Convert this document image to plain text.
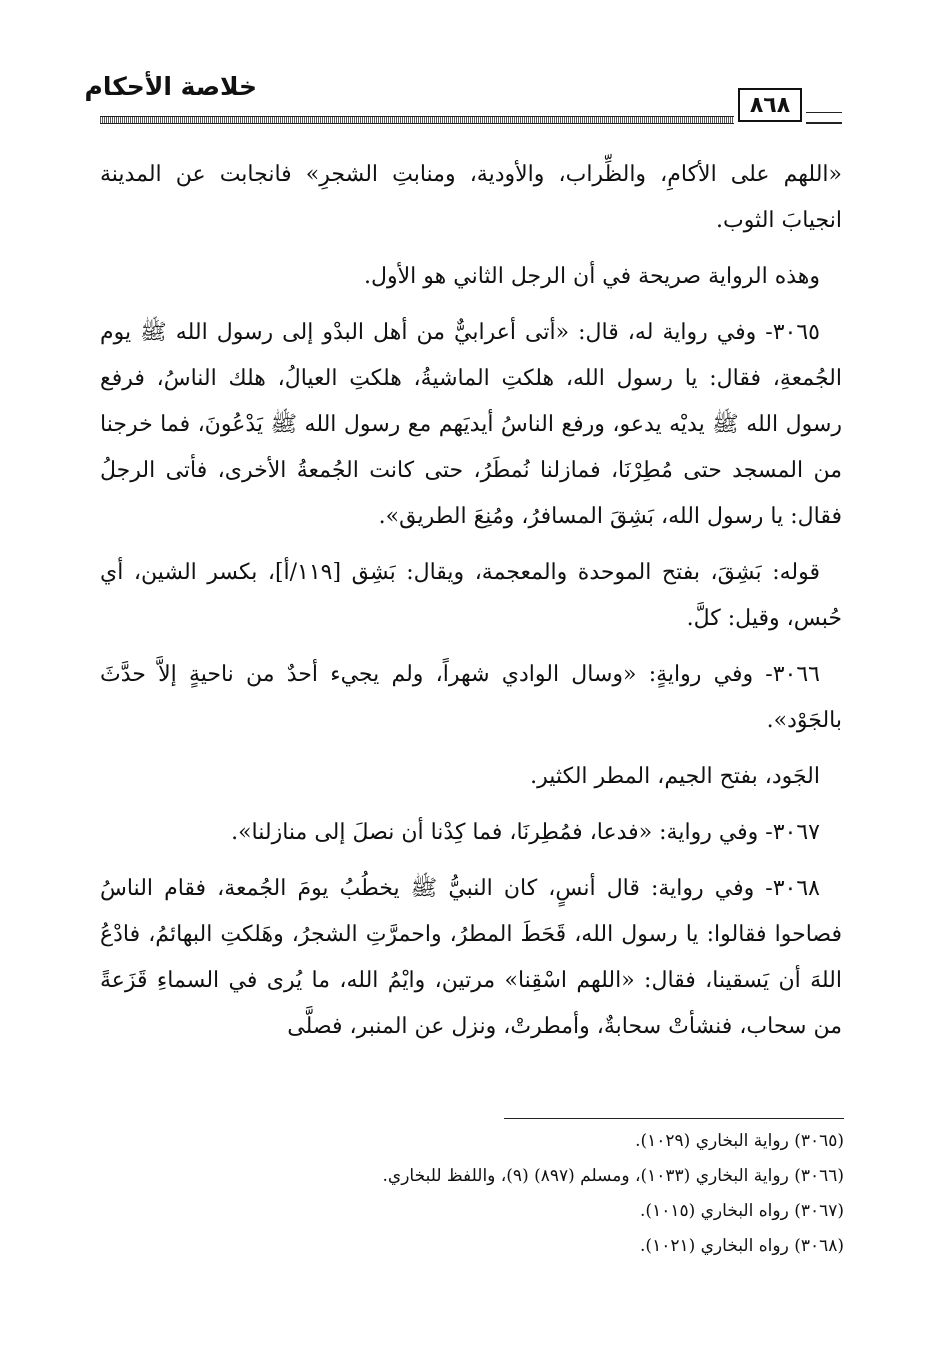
خلاصة الأحكام
٨٦٨

«اللهم على الأكامِ، والظِّراب، والأودية، ومنابتِ الشجرِ» فانجابت عن المدينة انجيابَ الثوب.

وهذه الرواية صريحة في أن الرجل الثاني هو الأول.

٣٠٦٥- وفي رواية له، قال: «أتى أعرابيٌّ من أهل البدْو إلى رسول الله ﷺ يوم الجُمعةِ، فقال: يا رسول الله، هلكتِ الماشيةُ، هلكتِ العيالُ، هلك الناسُ، فرفع رسول الله ﷺ يديْه يدعو، ورفع الناسُ أيديَهم مع رسول الله ﷺ يَدْعُونَ، فما خرجنا من المسجد حتى مُطِرْنَا، فمازلنا نُمطَرُ، حتى كانت الجُمعةُ الأخرى، فأتى الرجلُ فقال: يا رسول الله، بَشِقَ المسافرُ، ومُنِعَ الطريق».

قوله: بَشِقَ، بفتح الموحدة والمعجمة، ويقال: بَشِق [١١٩/أ]، بكسر الشين، أي حُبس، وقيل: كلَّ.

٣٠٦٦- وفي روايةٍ: «وسال الوادي شهراً، ولم يجيء أحدٌ من ناحيةٍ إلاَّ حدَّثَ بالجَوْد».

الجَود، بفتح الجيم، المطر الكثير.

٣٠٦٧- وفي رواية: «فدعا، فمُطِرنَا، فما كِدْنا أن نصلَ إلى منازلنا».

٣٠٦٨- وفي رواية: قال أنسٍ، كان النبيُّ ﷺ يخطُبُ يومَ الجُمعة، فقام الناسُ فصاحوا فقالوا: يا رسول الله، قَحَطَ المطرُ، واحمرَّتِ الشجرُ، وهَلكتِ البهائمُ، فادْعُ اللهَ أن يَسقينا، فقال: «اللهم اسْقِنا» مرتين، وايْمُ الله، ما يُرى في السماءِ قَزَعةً من سحاب، فنشأتْ سحابةٌ، وأمطرتْ، ونزل عن المنبر، فصلَّى

(٣٠٦٥) رواية البخاري (١٠٢٩).
(٣٠٦٦) رواية البخاري (١٠٣٣)، ومسلم (٨٩٧) (٩)، واللفظ للبخاري.
(٣٠٦٧) رواه البخاري (١٠١٥).
(٣٠٦٨) رواه البخاري (١٠٢١).
